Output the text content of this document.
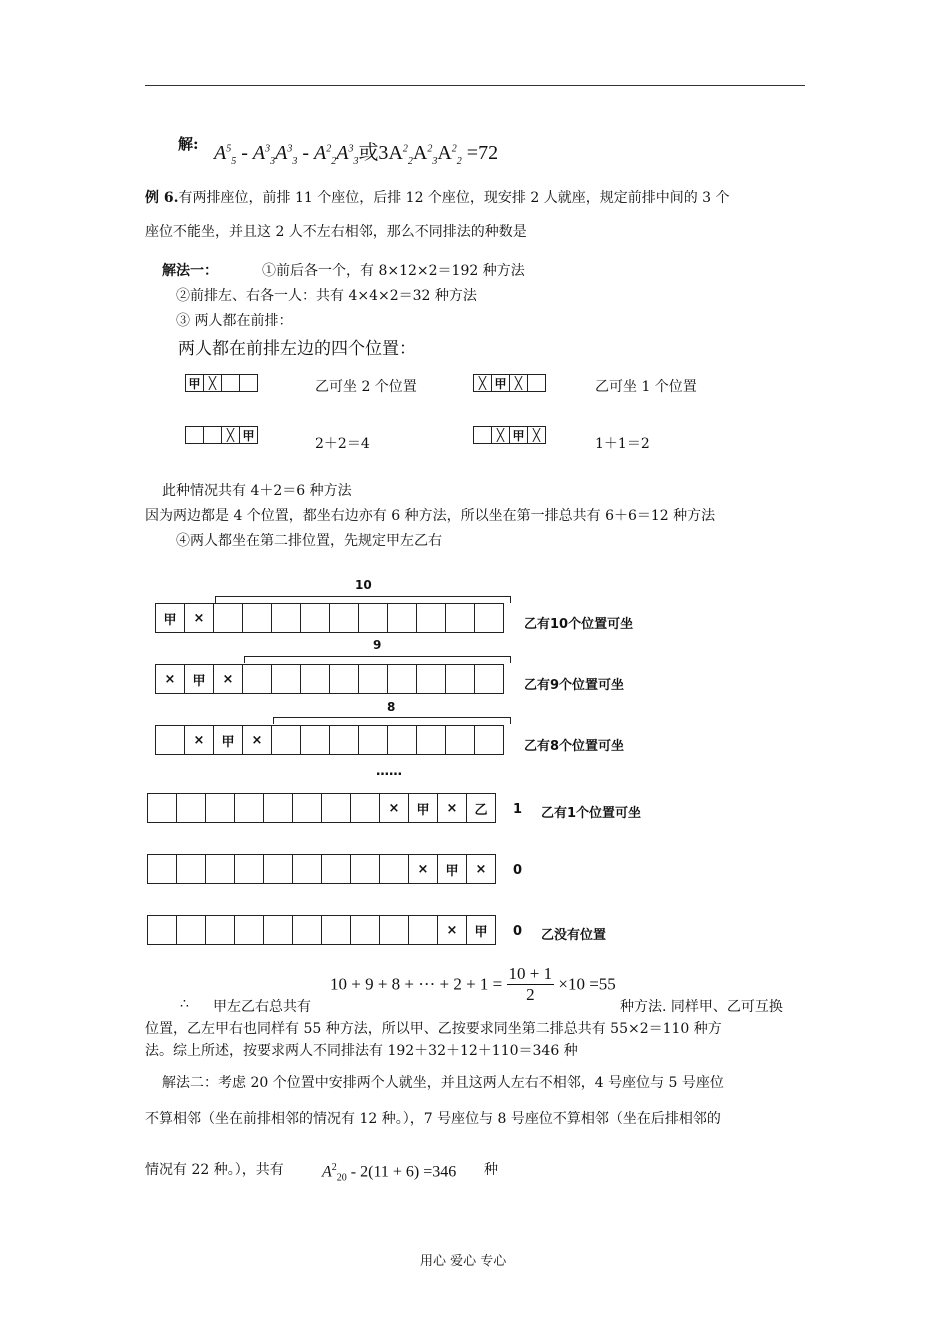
解: $A^5_5 - A^3_3A^3_3 - A^2_2A^3_3$或$3A^2_2A^2_3A^2_2 =72$
例 6.有两排座位，前排 11 个座位，后排 12 个座位，现安排 2 人就座，规定前排中间的 3 个
座位不能坐，并且这 2 人不左右相邻，那么不同排法的种数是
解法一：	①前后各一个，有 8×12×2＝192 种方法
②前排左、右各一人：共有 4×4×2＝32 种方法
③ 两人都在前排：
两人都在前排左边的四个位置：
甲 ╳	乙可坐 2 个位置	╳ 甲 ╳	乙可坐 1 个位置
╳ 甲
2＋2＝4
╳ 甲 ╳
1＋1＝2
此种情况共有 4＋2＝6 种方法
因为两边都是 4 个位置，都坐右边亦有 6 种方法，所以坐在第一排总共有 6＋6＝12 种方法
④两人都坐在第二排位置，先规定甲左乙右
10
甲	×	乙有10个位置可坐
9
×	甲	×	乙有9个位置可坐
8
×	甲	×	乙有8个位置可坐
……
×	甲	×	乙	1 乙有1个位置可坐
×	甲	×	0
×	甲	0 乙没有位置
10 + 9 + 8 + ··· + $2 + 1 = \frac{10 + 1}{2} \times 10 =55$
∴ 甲左乙右总共有	种方法. 同样甲、乙可互换
位置，乙左甲右也同样有 55 种方法，所以甲、乙按要求同坐第二排总共有 55×2＝110 种方
法。综上所述，按要求两人不同排法有 192＋32＋12＋110＝346 种
解法二：考虑 20 个位置中安排两个人就坐，并且这两人左右不相邻，4 号座位与 5 号座位
不算相邻（坐在前排相邻的情况有 12 种。），7 号座位与 8 号座位不算相邻（坐在后排相邻的
情况有 22 种。），共有 $A^2_{20} - 2(11 + 6) =346$ 种
用心 爱心 专心
